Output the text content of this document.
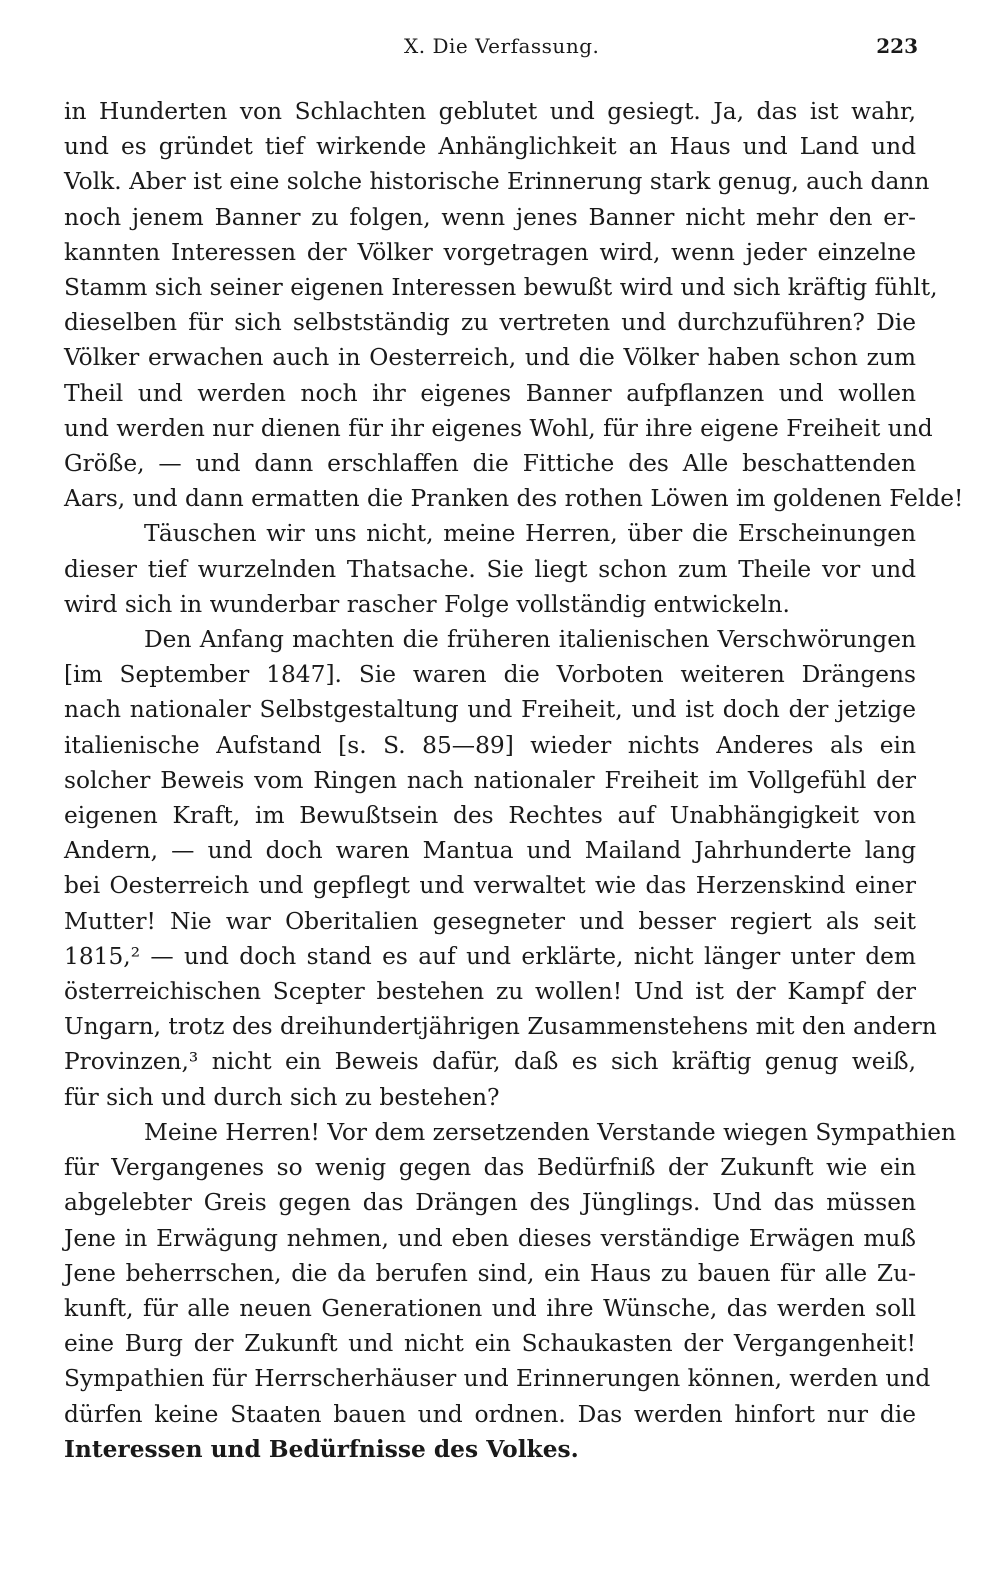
X. Die Verfassung.	223

in Hunderten von Schlachten geblutet und gesiegt. Ja, das ist wahr,
und es gründet tief wirkende Anhänglichkeit an Haus und Land und
Volk. Aber ist eine solche historische Erinnerung stark genug, auch dann
noch jenem Banner zu folgen, wenn jenes Banner nicht mehr den er-
kannten Interessen der Völker vorgetragen wird, wenn jeder einzelne
Stamm sich seiner eigenen Interessen bewußt wird und sich kräftig fühlt,
dieselben für sich selbstständig zu vertreten und durchzuführen? Die
Völker erwachen auch in Oesterreich, und die Völker haben schon zum
Theil und werden noch ihr eigenes Banner aufpflanzen und wollen
und werden nur dienen für ihr eigenes Wohl, für ihre eigene Freiheit und
Größe, — und dann erschlaffen die Fittiche des Alle beschattenden
Aars, und dann ermatten die Pranken des rothen Löwen im goldenen Felde!

Täuschen wir uns nicht, meine Herren, über die Erscheinungen
dieser tief wurzelnden Thatsache. Sie liegt schon zum Theile vor und
wird sich in wunderbar rascher Folge vollständig entwickeln.

Den Anfang machten die früheren italienischen Verschwörungen
[im September 1847]. Sie waren die Vorboten weiteren Drängens
nach nationaler Selbstgestaltung und Freiheit, und ist doch der jetzige
italienische Aufstand [s. S. 85—89] wieder nichts Anderes als ein
solcher Beweis vom Ringen nach nationaler Freiheit im Vollgefühl der
eigenen Kraft, im Bewußtsein des Rechtes auf Unabhängigkeit von
Andern, — und doch waren Mantua und Mailand Jahrhunderte lang
bei Oesterreich und gepflegt und verwaltet wie das Herzenskind einer
Mutter! Nie war Oberitalien gesegneter und besser regiert als seit
1815,² — und doch stand es auf und erklärte, nicht länger unter dem
österreichischen Scepter bestehen zu wollen! Und ist der Kampf der
Ungarn, trotz des dreihundertjährigen Zusammenstehens mit den andern
Provinzen,³ nicht ein Beweis dafür, daß es sich kräftig genug weiß,
für sich und durch sich zu bestehen?

Meine Herren! Vor dem zersetzenden Verstande wiegen Sympathien
für Vergangenes so wenig gegen das Bedürfniß der Zukunft wie ein
abgelebter Greis gegen das Drängen des Jünglings. Und das müssen
Jene in Erwägung nehmen, und eben dieses verständige Erwägen muß
Jene beherrschen, die da berufen sind, ein Haus zu bauen für alle Zu-
kunft, für alle neuen Generationen und ihre Wünsche, das werden soll
eine Burg der Zukunft und nicht ein Schaukasten der Vergangenheit!
Sympathien für Herrscherhäuser und Erinnerungen können, werden und
dürfen keine Staaten bauen und ordnen. Das werden hinfort nur die
Interessen und Bedürfnisse des Volkes.
